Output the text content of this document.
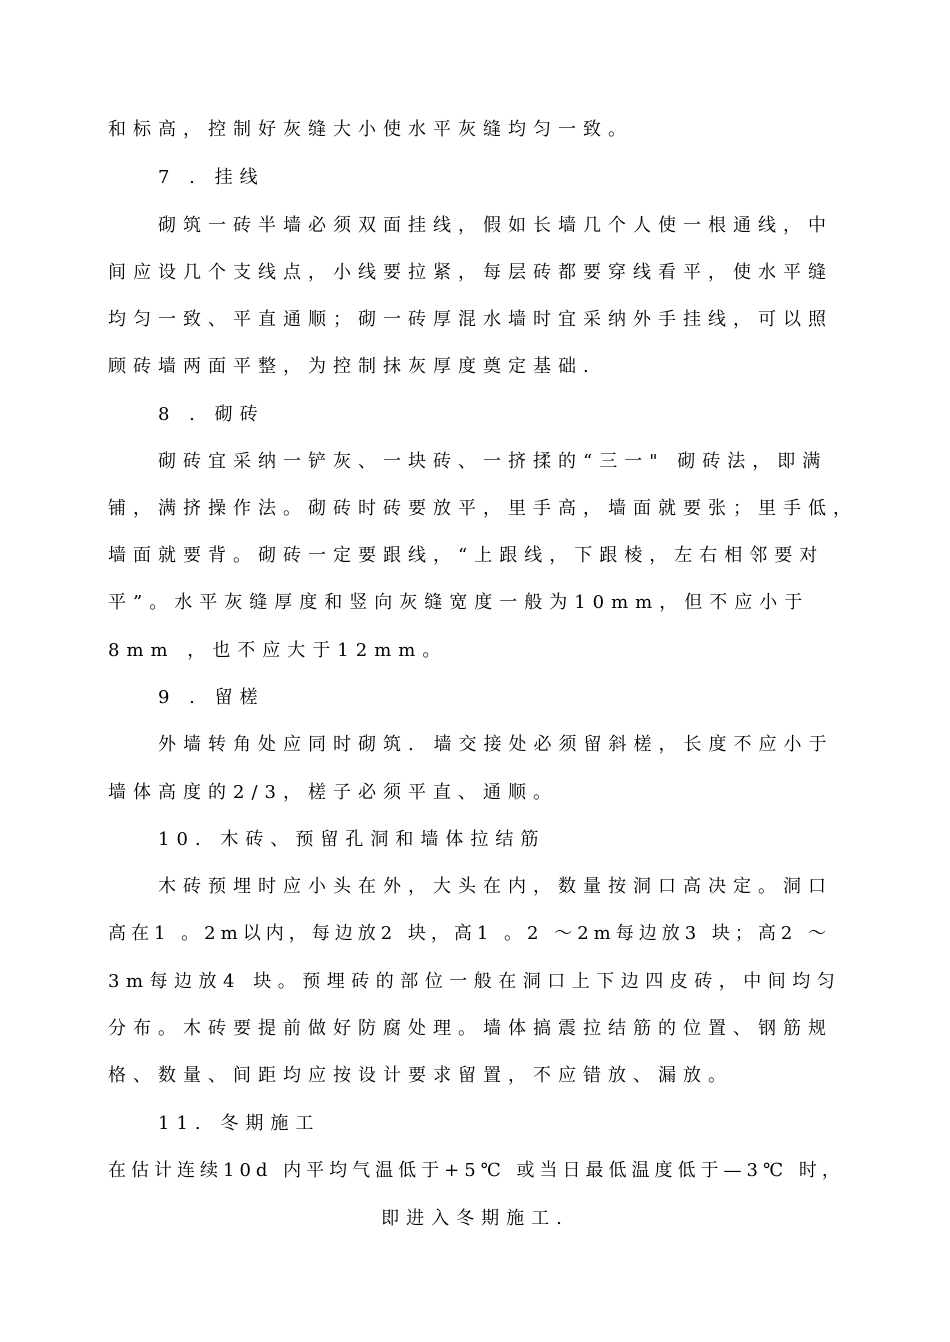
和标高，控制好灰缝大小使水平灰缝均匀一致。
7 . 挂线
砌筑一砖半墙必须双面挂线，假如长墙几个人使一根通线，中
间应设几个支线点，小线要拉紧，每层砖都要穿线看平，使水平缝
均匀一致、平直通顺；砌一砖厚混水墙时宜采纳外手挂线，可以照
顾砖墙两面平整，为控制抹灰厚度奠定基础.
8 . 砌砖
砌砖宜采纳一铲灰、一块砖、一挤揉的“三一" 砌砖法，即满
铺，满挤操作法。砌砖时砖要放平，里手高，墙面就要张；里手低，
墙面就要背。砌砖一定要跟线，“上跟线，下跟棱，左右相邻要对
平”。水平灰缝厚度和竖向灰缝宽度一般为10mm，但不应小于
8mm ，也不应大于12mm。
9 . 留槎
外墙转角处应同时砌筑. 墙交接处必须留斜槎，长度不应小于
墙体高度的2/3，槎子必须平直、通顺。
10. 木砖、预留孔洞和墙体拉结筋
木砖预埋时应小头在外，大头在内，数量按洞口高决定。洞口
高在1 。2m以内，每边放2 块，高1 。2 ～2m每边放3 块；高2 ～
3m每边放4 块。预埋砖的部位一般在洞口上下边四皮砖，中间均匀
分布。木砖要提前做好防腐处理。墙体搞震拉结筋的位置、钢筋规
格、数量、间距均应按设计要求留置，不应错放、漏放。
11. 冬期施工
在估计连续10d 内平均气温低于+5℃ 或当日最低温度低于—3℃ 时，
即进入冬期施工.
